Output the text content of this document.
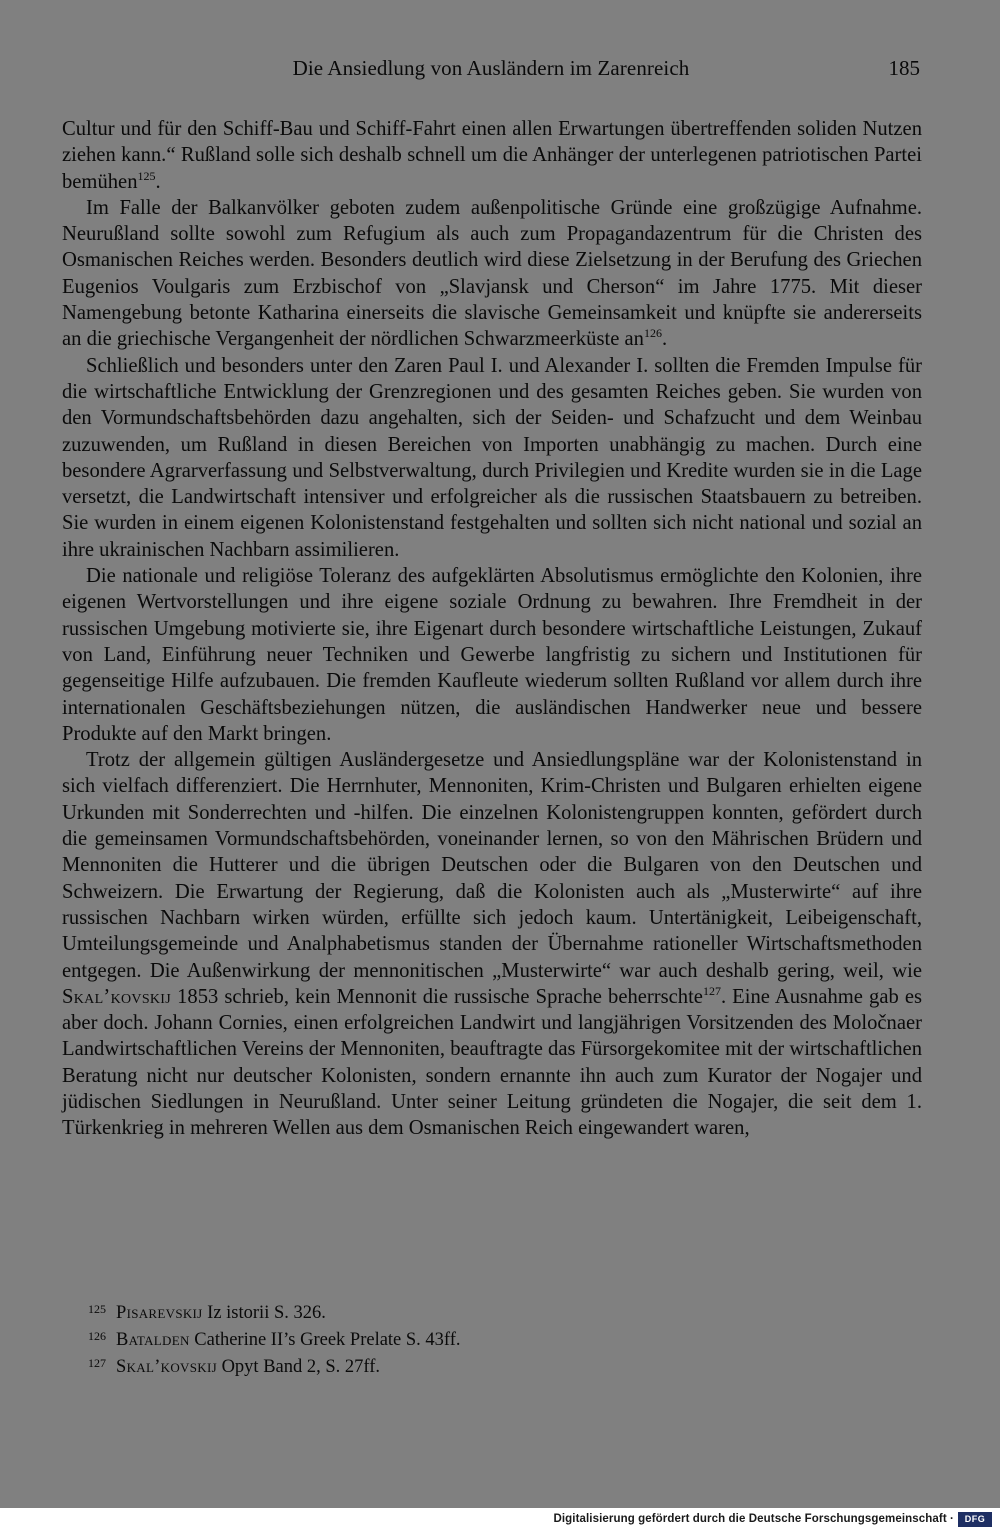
Die Ansiedlung von Ausländern im Zarenreich	185

Cultur und für den Schiff-Bau und Schiff-Fahrt einen allen Erwartungen übertreffenden soliden Nutzen ziehen kann.“ Rußland solle sich deshalb schnell um die Anhänger der unterlegenen patriotischen Partei bemühen$^{125}$.

Im Falle der Balkanvölker geboten zudem außenpolitische Gründe eine großzügige Aufnahme. Neurußland sollte sowohl zum Refugium als auch zum Propagandazentrum für die Christen des Osmanischen Reiches werden. Besonders deutlich wird diese Zielsetzung in der Berufung des Griechen Eugenios Voulgaris zum Erzbischof von „Slavjansk und Cherson“ im Jahre 1775. Mit dieser Namengebung betonte Katharina einerseits die slavische Gemeinsamkeit und knüpfte sie andererseits an die griechische Vergangenheit der nördlichen Schwarzmeerküste $an^{126}$.

Schließlich und besonders unter den Zaren Paul I. und Alexander I. sollten die Fremden Impulse für die wirtschaftliche Entwicklung der Grenzregionen und des gesamten Reiches geben. Sie wurden von den Vormundschaftsbehörden dazu angehalten, sich der Seiden- und Schafzucht und dem Weinbau zuzuwenden, um Rußland in diesen Bereichen von Importen unabhängig zu machen. Durch eine besondere Agrarverfassung und Selbstverwaltung, durch Privilegien und Kredite wurden sie in die Lage versetzt, die Landwirtschaft intensiver und erfolgreicher als die russischen Staatsbauern zu betreiben. Sie wurden in einem eigenen Kolonistenstand festgehalten und sollten sich nicht national und sozial an ihre ukrainischen Nachbarn assimilieren.

Die nationale und religiöse Toleranz des aufgeklärten Absolutismus ermöglichte den Kolonien, ihre eigenen Wertvorstellungen und ihre eigene soziale Ordnung zu bewahren. Ihre Fremdheit in der russischen Umgebung motivierte sie, ihre Eigenart durch besondere wirtschaftliche Leistungen, Zukauf von Land, Einführung neuer Techniken und Gewerbe langfristig zu sichern und Institutionen für gegenseitige Hilfe aufzubauen. Die fremden Kaufleute wiederum sollten Rußland vor allem durch ihre internationalen Geschäftsbeziehungen nützen, die ausländischen Handwerker neue und bessere Produkte auf den Markt bringen.

Trotz der allgemein gültigen Ausländergesetze und Ansiedlungspläne war der Kolonistenstand in sich vielfach differenziert. Die Herrnhuter, Mennoniten, Krim-Christen und Bulgaren erhielten eigene Urkunden mit Sonderrechten und -hilfen. Die einzelnen Kolonistengruppen konnten, gefördert durch die gemeinsamen Vormundschaftsbehörden, voneinander lernen, so von den Mährischen Brüdern und Mennoniten die Hutterer und die übrigen Deutschen oder die Bulgaren von den Deutschen und Schweizern. Die Erwartung der Regierung, daß die Kolonisten auch als „Musterwirte“ auf ihre russischen Nachbarn wirken würden, erfüllte sich jedoch kaum. Untertänigkeit, Leibeigenschaft, Umteilungsgemeinde und Analphabetismus standen der Übernahme rationeller Wirtschaftsmethoden entgegen. Die Außenwirkung der mennonitischen „Musterwirte“ war auch deshalb gering, weil, wie Skal’kovskij 1853 schrieb, kein Mennonit die russische Sprache beherrschte$^{127}$. Eine Ausnahme gab es aber doch. Johann Cornies, einen erfolgreichen Landwirt und langjährigen Vorsitzenden des Moločnaer Landwirtschaftlichen Vereins der Mennoniten, beauftragte das Fürsorgekomitee mit der wirtschaftlichen Beratung nicht nur deutscher Kolonisten, sondern ernannte ihn auch zum Kurator der Nogajer und jüdischen Siedlungen in Neurußland. Unter seiner Leitung gründeten die Nogajer, die seit dem 1. Türkenkrieg in mehreren Wellen aus dem Osmanischen Reich eingewandert waren,

125 Pisarevskij Iz istorii S. 326.

126 Batalden Catherine II’s Greek Prelate S. 43ff.

127 Skal’kovskij Opyt Band 2, S. 27ff.

Digitalisierung gefördert durch die Deutsche Forschungsgemeinschaft ·	DFG
